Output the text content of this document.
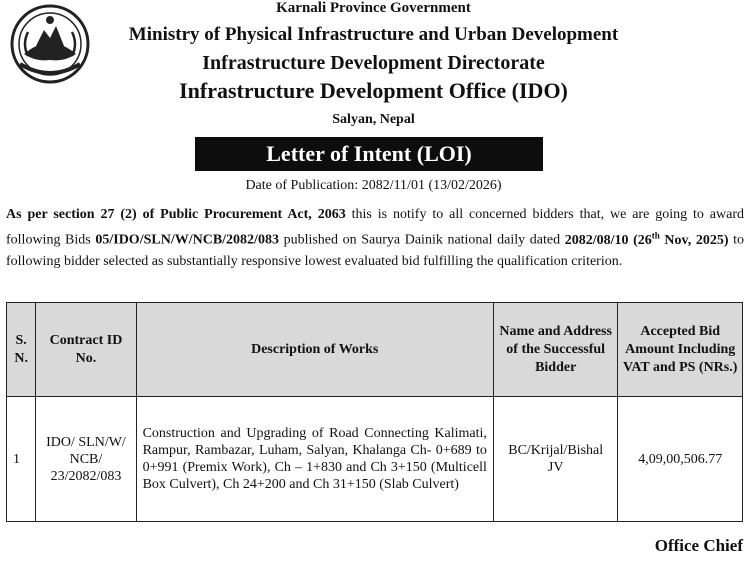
Karnali Province Government
Ministry of Physical Infrastructure and Urban Development
Infrastructure Development Directorate
Infrastructure Development Office (IDO)
Salyan, Nepal
Letter of Intent (LOI)
Date of Publication: 2082/11/01 (13/02/2026)
As per section 27 (2) of Public Procurement Act, 2063 this is notify to all concerned bidders that, we are going to award following Bids 05/IDO/SLN/W/NCB/2082/083 published on Saurya Dainik national daily dated 2082/08/10 (26th Nov, 2025) to following bidder selected as substantially responsive lowest evaluated bid fulfilling the qualification criterion.
S. N.	Contract ID No.	Description of Works	Name and Address of the Successful Bidder	Accepted Bid Amount Including VAT and PS (NRs.)
1	IDO/ SLN/W/ NCB/ 23/2082/083	Construction and Upgrading of Road Connecting Kalimati, Rampur, Rambazar, Luham, Salyan, Khalanga Ch- 0+689 to 0+991 (Premix Work), Ch – 1+830 and Ch 3+150 (Multicell Box Culvert), Ch 24+200 and Ch 31+150 (Slab Culvert)	BC/Krijal/Bishal JV	4,09,00,506.77
Office Chief
